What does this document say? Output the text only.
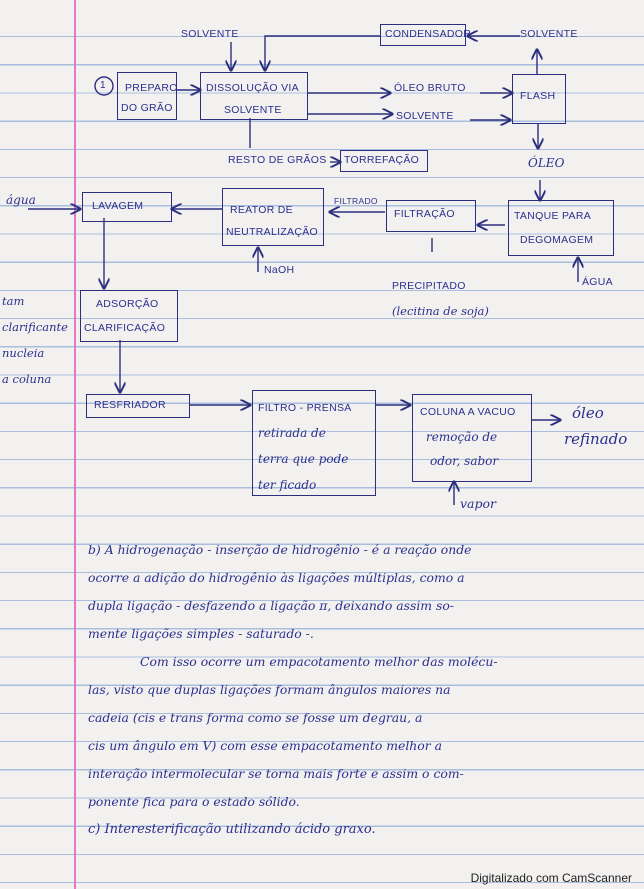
SOLVENTE	CONDENSADOR	SOLVENTE
1 PREPARO
DO GRÃO
DISSOLUÇÃO VIA
SOLVENTE
ÓLEO BRUTO
SOLVENTE
FLASH
RESTO DE GRÃOS TORREFAÇÃO	ÓLEO
água	LAVAGEM	REATOR DE
NEUTRALIZAÇÃO
FILTRADO
FILTRAÇÃO	TANQUE PARA
DEGOMAGEM
NaOH
ÁGUA
PRECIPITADO
(lecitina de soja)
tam
clarificante
nucleia
a coluna
ADSORÇÃO
CLARIFICAÇÃO
RESFRIADOR	FILTRO - PRENSA
retirada de
terra que pode
ter ficado
COLUNA A VACUO
remoção de
odor, sabor
óleo
refinado
vapor
b) A hidrogenação - inserção de hidrogênio - é a reação onde
ocorre a adição do hidrogênio às ligações múltiplas, como a
dupla ligação - desfazendo a ligação π, deixando assim so-
mente ligações simples - saturado -.
Com isso ocorre um empacotamento melhor das molécu-
las, visto que duplas ligações formam ângulos maiores na
cadeia (cis e trans forma como se fosse um degrau, a
cis um ângulo em V) com esse empacotamento melhor a
interação intermolecular se torna mais forte e assim o com-
ponente fica para o estado sólido.
c) Interesterificação utilizando ácido graxo.
Digitalizado com CamScanner
